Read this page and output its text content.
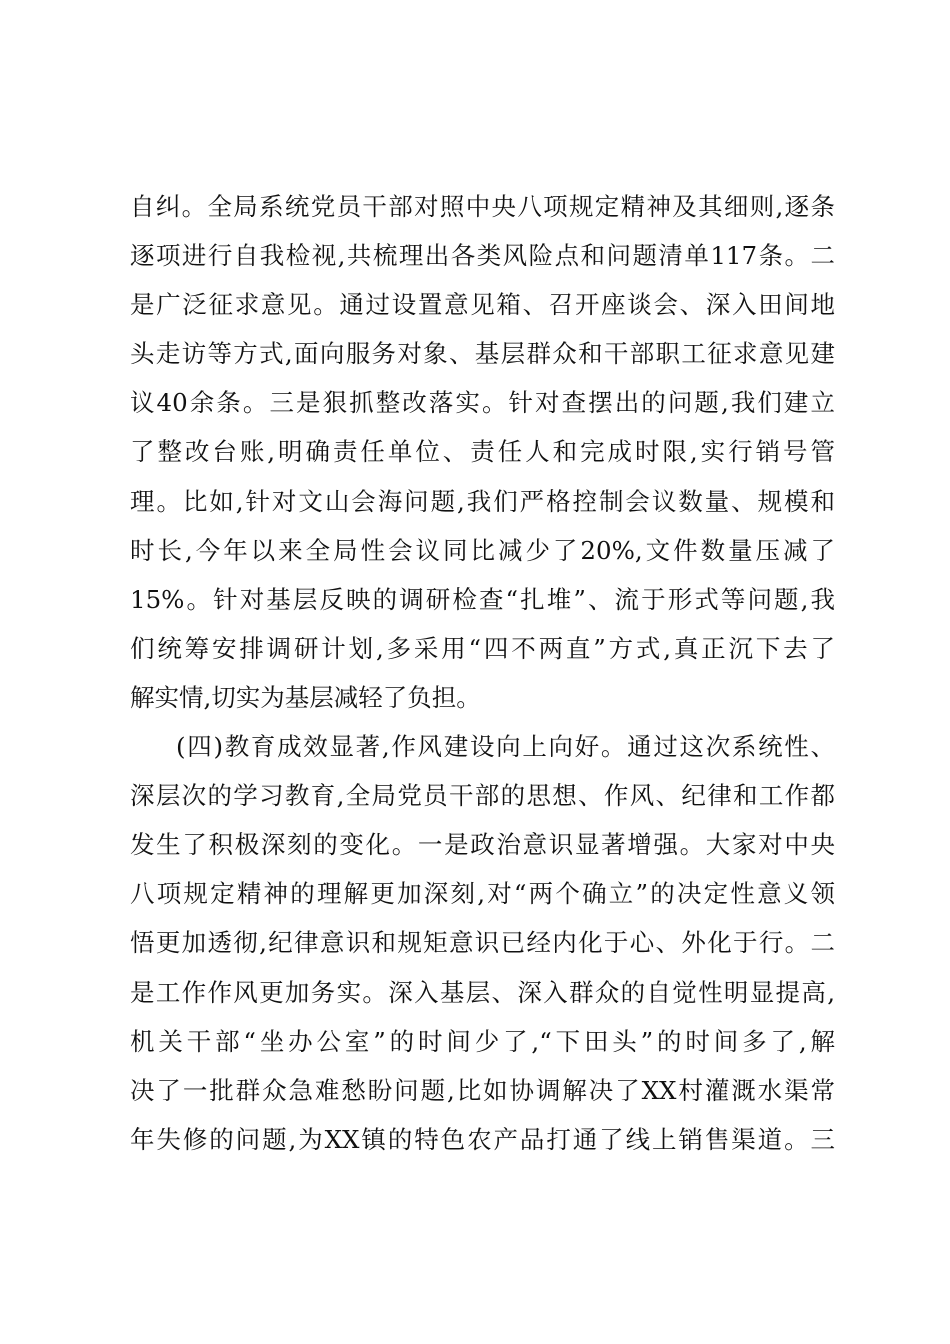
自纠。全局系统党员干部对照中央八项规定精神及其细则,逐条
逐项进行自我检视,共梳理出各类风险点和问题清单117条。二
是广泛征求意见。通过设置意见箱、召开座谈会、深入田间地
头走访等方式,面向服务对象、基层群众和干部职工征求意见建
议40余条。三是狠抓整改落实。针对查摆出的问题,我们建立
了整改台账,明确责任单位、责任人和完成时限,实行销号管
理。比如,针对文山会海问题,我们严格控制会议数量、规模和
时长,今年以来全局性会议同比减少了20%,文件数量压减了
15%。针对基层反映的调研检查“扎堆”、流于形式等问题,我
们统筹安排调研计划,多采用“四不两直”方式,真正沉下去了
解实情,切实为基层减轻了负担。
(四)教育成效显著,作风建设向上向好。通过这次系统性、
深层次的学习教育,全局党员干部的思想、作风、纪律和工作都
发生了积极深刻的变化。一是政治意识显著增强。大家对中央
八项规定精神的理解更加深刻,对“两个确立”的决定性意义领
悟更加透彻,纪律意识和规矩意识已经内化于心、外化于行。二
是工作作风更加务实。深入基层、深入群众的自觉性明显提高,
机关干部“坐办公室”的时间少了,“下田头”的时间多了,解
决了一批群众急难愁盼问题,比如协调解决了XX村灌溉水渠常
年失修的问题,为XX镇的特色农产品打通了线上销售渠道。三
